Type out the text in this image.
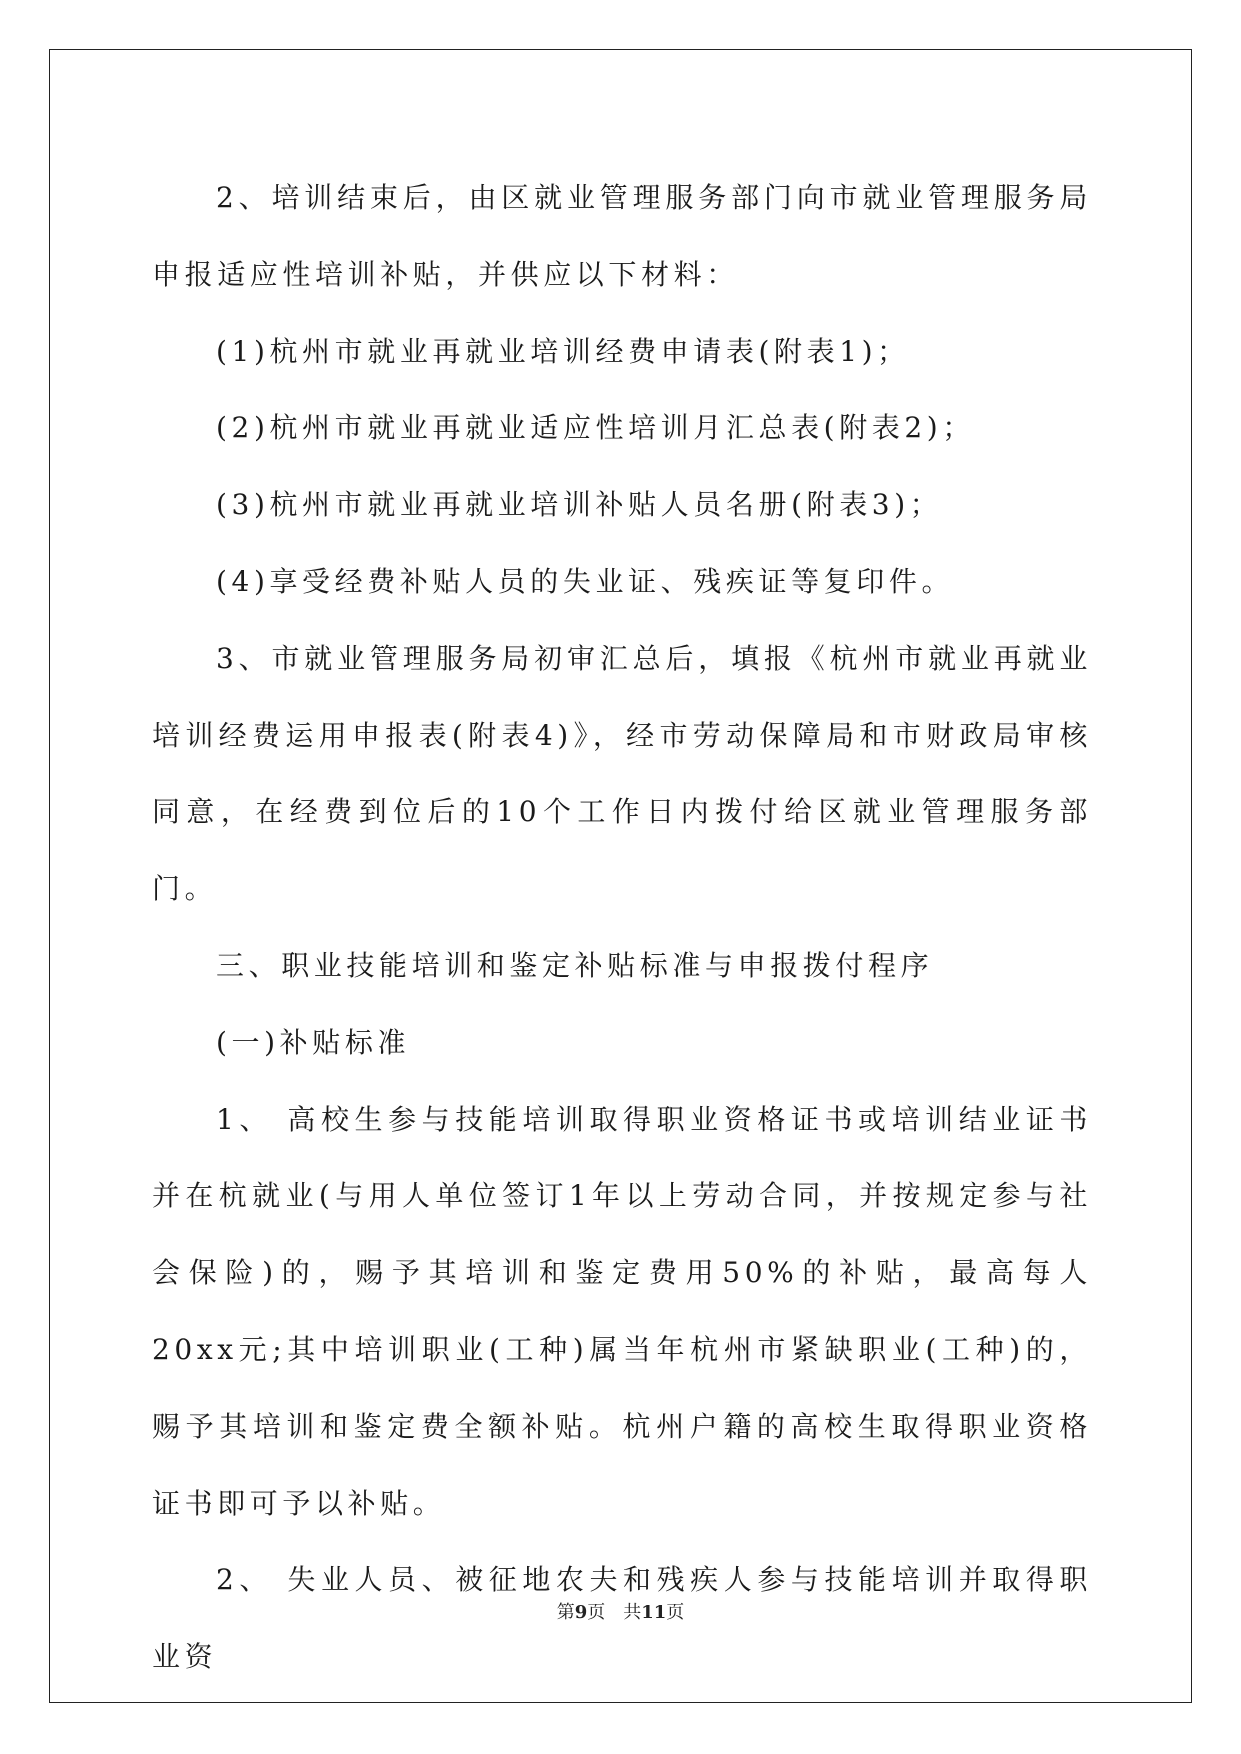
2、培训结束后，由区就业管理服务部门向市就业管理服务局申报适应性培训补贴，并供应以下材料：

(1)杭州市就业再就业培训经费申请表(附表1)；

(2)杭州市就业再就业适应性培训月汇总表(附表2)；

(3)杭州市就业再就业培训补贴人员名册(附表3)；

(4)享受经费补贴人员的失业证、残疾证等复印件。

3、市就业管理服务局初审汇总后，填报《杭州市就业再就业培训经费运用申报表(附表4)》，经市劳动保障局和市财政局审核同意，在经费到位后的10个工作日内拨付给区就业管理服务部门。

三、职业技能培训和鉴定补贴标准与申报拨付程序

(一)补贴标准

1、 高校生参与技能培训取得职业资格证书或培训结业证书并在杭就业(与用人单位签订1年以上劳动合同，并按规定参与社会保险)的，赐予其培训和鉴定费用50%的补贴，最高每人 20xx元;其中培训职业(工种)属当年杭州市紧缺职业(工种)的，赐予其培训和鉴定费全额补贴。杭州户籍的高校生取得职业资格证书即可予以补贴。

2、 失业人员、被征地农夫和残疾人参与技能培训并取得职业资

第9页 共11页
